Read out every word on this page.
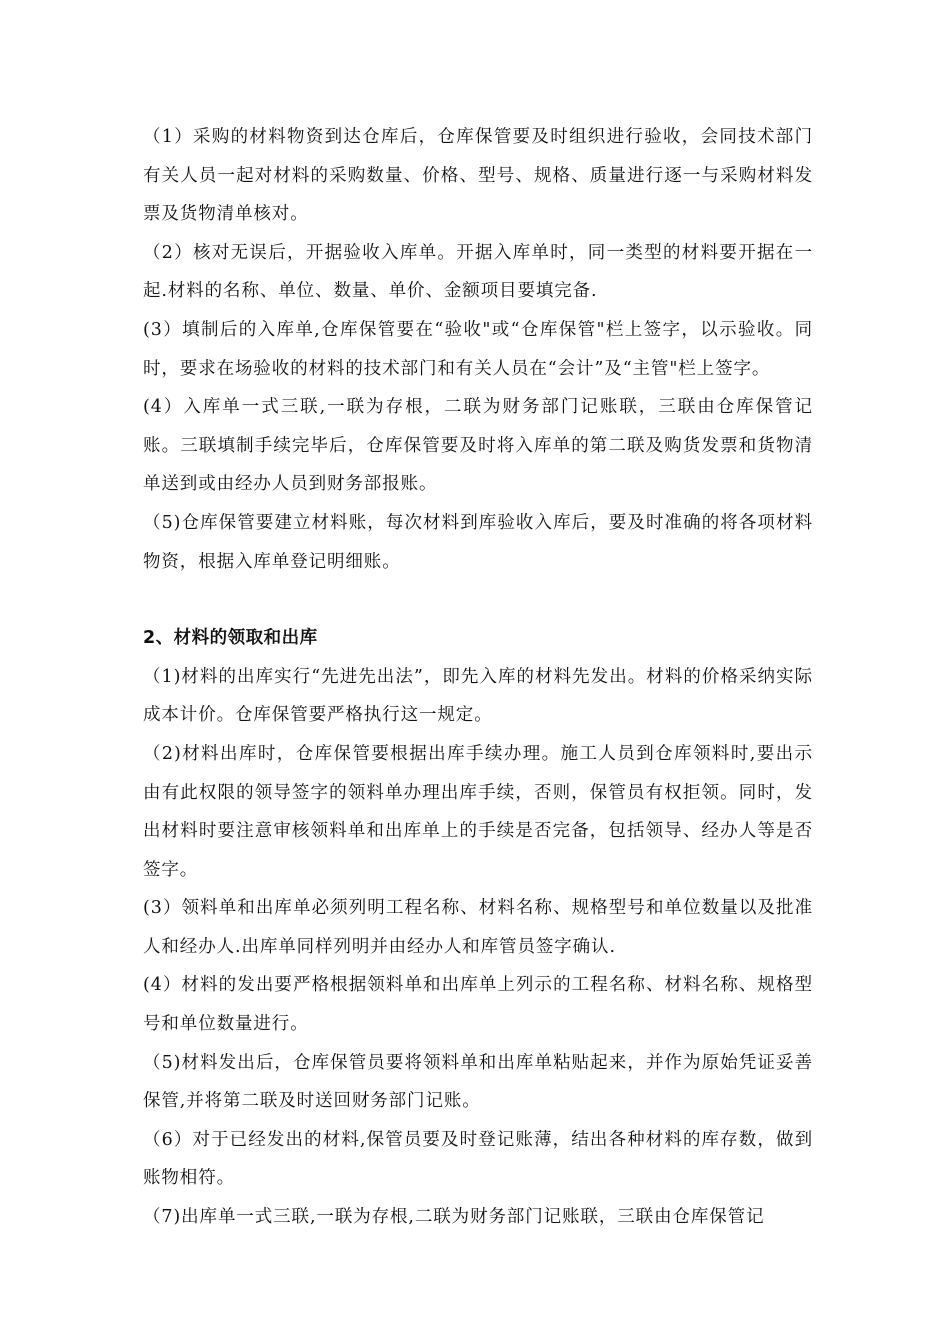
（1）采购的材料物资到达仓库后，仓库保管要及时组织进行验收，会同技术部门有关人员一起对材料的采购数量、价格、型号、规格、质量进行逐一与采购材料发票及货物清单核对。

（2）核对无误后，开据验收入库单。开据入库单时，同一类型的材料要开据在一起.材料的名称、单位、数量、单价、金额项目要填完备.

(3）填制后的入库单,仓库保管要在“验收"或“仓库保管"栏上签字，以示验收。同时，要求在场验收的材料的技术部门和有关人员在“会计”及“主管"栏上签字。

(4）入库单一式三联,一联为存根，二联为财务部门记账联，三联由仓库保管记账。三联填制手续完毕后，仓库保管要及时将入库单的第二联及购货发票和货物清单送到或由经办人员到财务部报账。

（5)仓库保管要建立材料账，每次材料到库验收入库后，要及时准确的将各项材料物资，根据入库单登记明细账。

2、材料的领取和出库

（1)材料的出库实行“先进先出法”，即先入库的材料先发出。材料的价格采纳实际成本计价。仓库保管要严格执行这一规定。

（2)材料出库时，仓库保管要根据出库手续办理。施工人员到仓库领料时,要出示由有此权限的领导签字的领料单办理出库手续，否则，保管员有权拒领。同时，发出材料时要注意审核领料单和出库单上的手续是否完备，包括领导、经办人等是否签字。

(3）领料单和出库单必须列明工程名称、材料名称、规格型号和单位数量以及批准人和经办人.出库单同样列明并由经办人和库管员签字确认.

(4）材料的发出要严格根据领料单和出库单上列示的工程名称、材料名称、规格型号和单位数量进行。

（5)材料发出后，仓库保管员要将领料单和出库单粘贴起来，并作为原始凭证妥善保管,并将第二联及时送回财务部门记账。

（6）对于已经发出的材料,保管员要及时登记账薄，结出各种材料的库存数，做到账物相符。

（7)出库单一式三联,一联为存根,二联为财务部门记账联，三联由仓库保管记
